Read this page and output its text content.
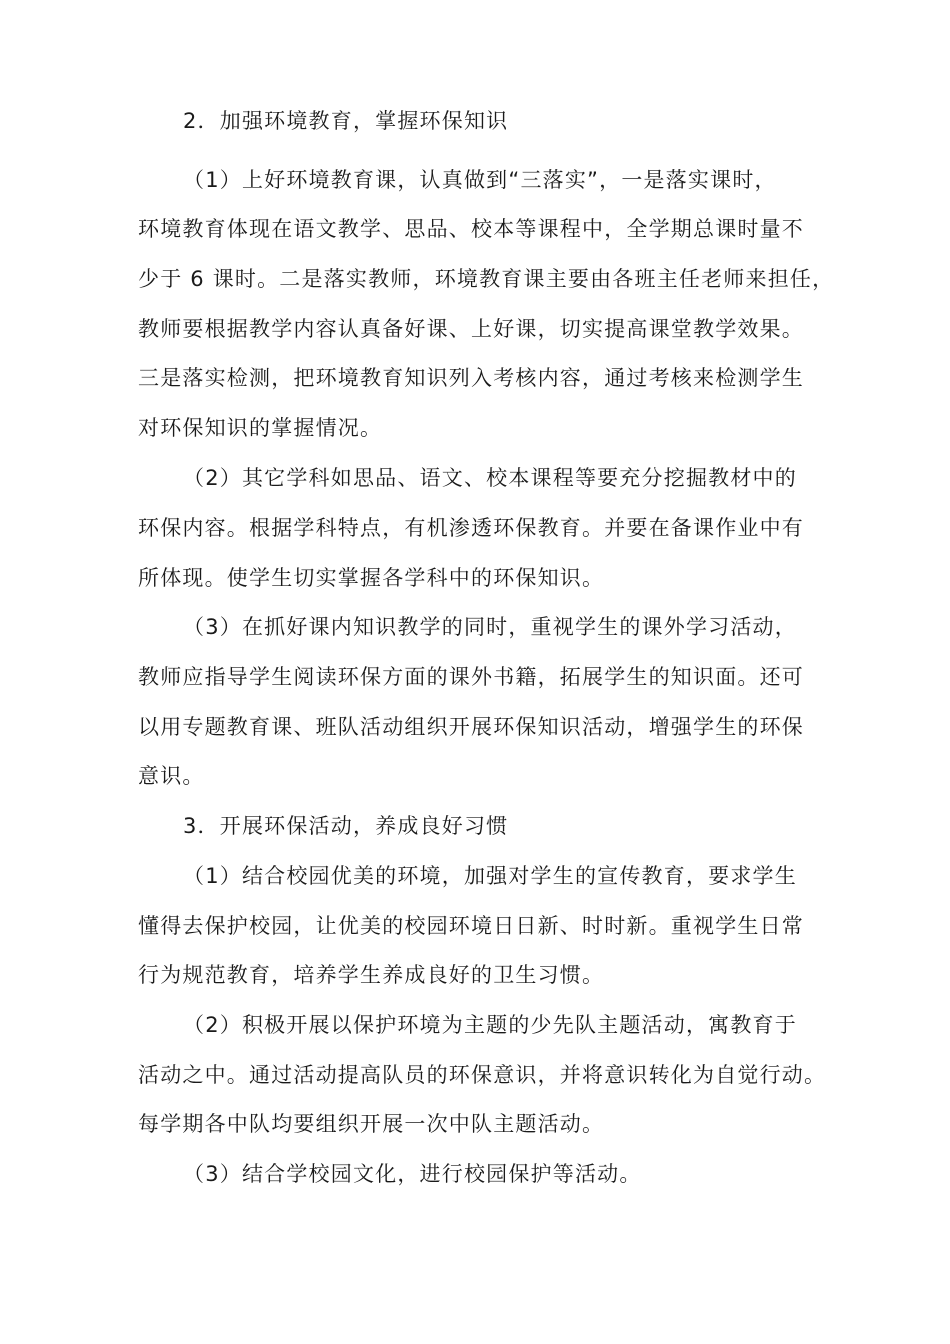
2．加强环境教育，掌握环保知识
（1）上好环境教育课，认真做到“三落实”，一是落实课时，
环境教育体现在语文教学、思品、校本等课程中，全学期总课时量不
少于 6 课时。二是落实教师，环境教育课主要由各班主任老师来担任，
教师要根据教学内容认真备好课、上好课，切实提高课堂教学效果。
三是落实检测，把环境教育知识列入考核内容，通过考核来检测学生
对环保知识的掌握情况。
（2）其它学科如思品、语文、校本课程等要充分挖掘教材中的
环保内容。根据学科特点，有机渗透环保教育。并要在备课作业中有
所体现。使学生切实掌握各学科中的环保知识。
（3）在抓好课内知识教学的同时，重视学生的课外学习活动，
教师应指导学生阅读环保方面的课外书籍，拓展学生的知识面。还可
以用专题教育课、班队活动组织开展环保知识活动，增强学生的环保
意识。
3．开展环保活动，养成良好习惯
（1）结合校园优美的环境，加强对学生的宣传教育，要求学生
懂得去保护校园，让优美的校园环境日日新、时时新。重视学生日常
行为规范教育，培养学生养成良好的卫生习惯。
（2）积极开展以保护环境为主题的少先队主题活动，寓教育于
活动之中。通过活动提高队员的环保意识，并将意识转化为自觉行动。
每学期各中队均要组织开展一次中队主题活动。
（3）结合学校园文化，进行校园保护等活动。
